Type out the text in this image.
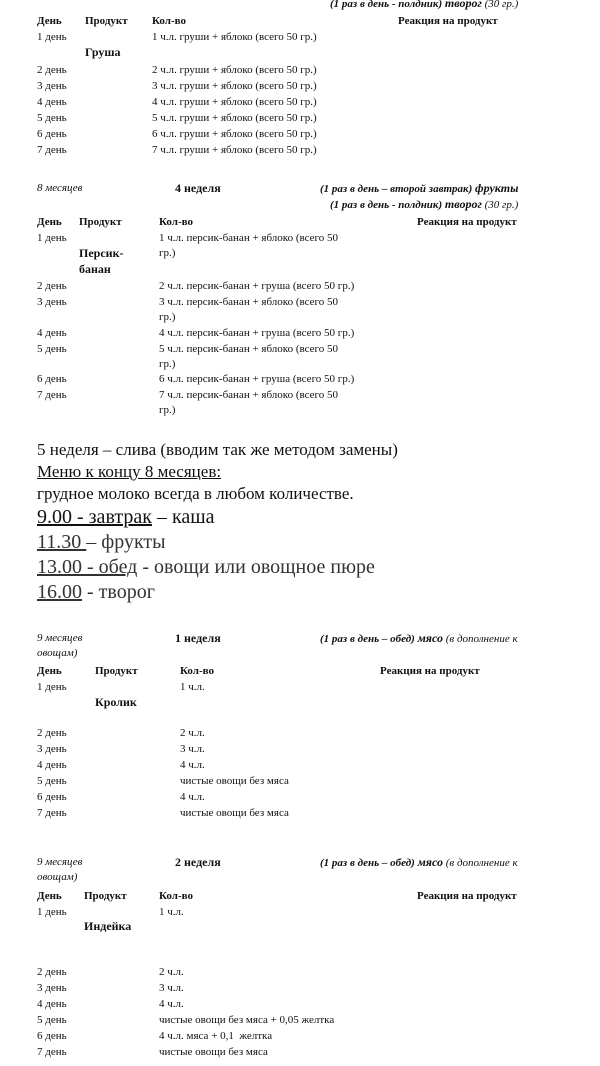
(1 раз в день - полдник) творог (30 гр.)
День Продукт Кол-во	Реакция на продукт
1 день	1 ч.л. груши + яблоко (всего 50 гр.)
Груша
2 день	2 ч.л. груши + яблоко (всего 50 гр.)
3 день	3 ч.л. груши + яблоко (всего 50 гр.)
4 день	4 ч.л. груши + яблоко (всего 50 гр.)
5 день	5 ч.л. груши + яблоко (всего 50 гр.)
6 день	6 ч.л. груши + яблоко (всего 50 гр.)
7 день	7 ч.л. груши + яблоко (всего 50 гр.)
8 месяцев	4 неделя	(1 раз в день – второй завтрак) фрукты
(1 раз в день - полдник) творог (30 гр.)
День Продукт	Кол-во	Реакция на продукт
1 день	1 ч.л. персик-банан + яблоко (всего 50
гр.)
Персик-
банан
2 день	2 ч.л. персик-банан + груша (всего 50 гр.)
3 день	3 ч.л. персик-банан + яблоко (всего 50
гр.)
4 день	4 ч.л. персик-банан + груша (всего 50 гр.)
5 день	5 ч.л. персик-банан + яблоко (всего 50
гр.)
6 день	6 ч.л. персик-банан + груша (всего 50 гр.)
7 день	7 ч.л. персик-банан + яблоко (всего 50
гр.)
5 неделя – слива (вводим так же методом замены)
Меню к концу 8 месяцев:
грудное молоко всегда в любом количестве.
9.00 - завтрак – каша
11.30 – фрукты
13.00 - обед - овощи или овощное пюре
16.00 - творог
9 месяцев
овощам)
1 неделя	(1 раз в день – обед) мясо (в дополнение к
День	Продукт	Кол-во	Реакция на продукт
1 день	1 ч.л.
Кролик
2 день	2 ч.л.
3 день	3 ч.л.
4 день	4 ч.л.
5 день	чистые овощи без мяса
6 день	4 ч.л.
7 день	чистые овощи без мяса
9 месяцев
овощам)
2 неделя	(1 раз в день – обед) мясо (в дополнение к
День Продукт	Кол-во	Реакция на продукт
1 день	1 ч.л.
Индейка
2 день	2 ч.л.
3 день	3 ч.л.
4 день	4 ч.л.
5 день	чистые овощи без мяса + 0,05 желтка
6 день	4 ч.л. мяса + 0,1  желтка
7 день	чистые овощи без мяса
